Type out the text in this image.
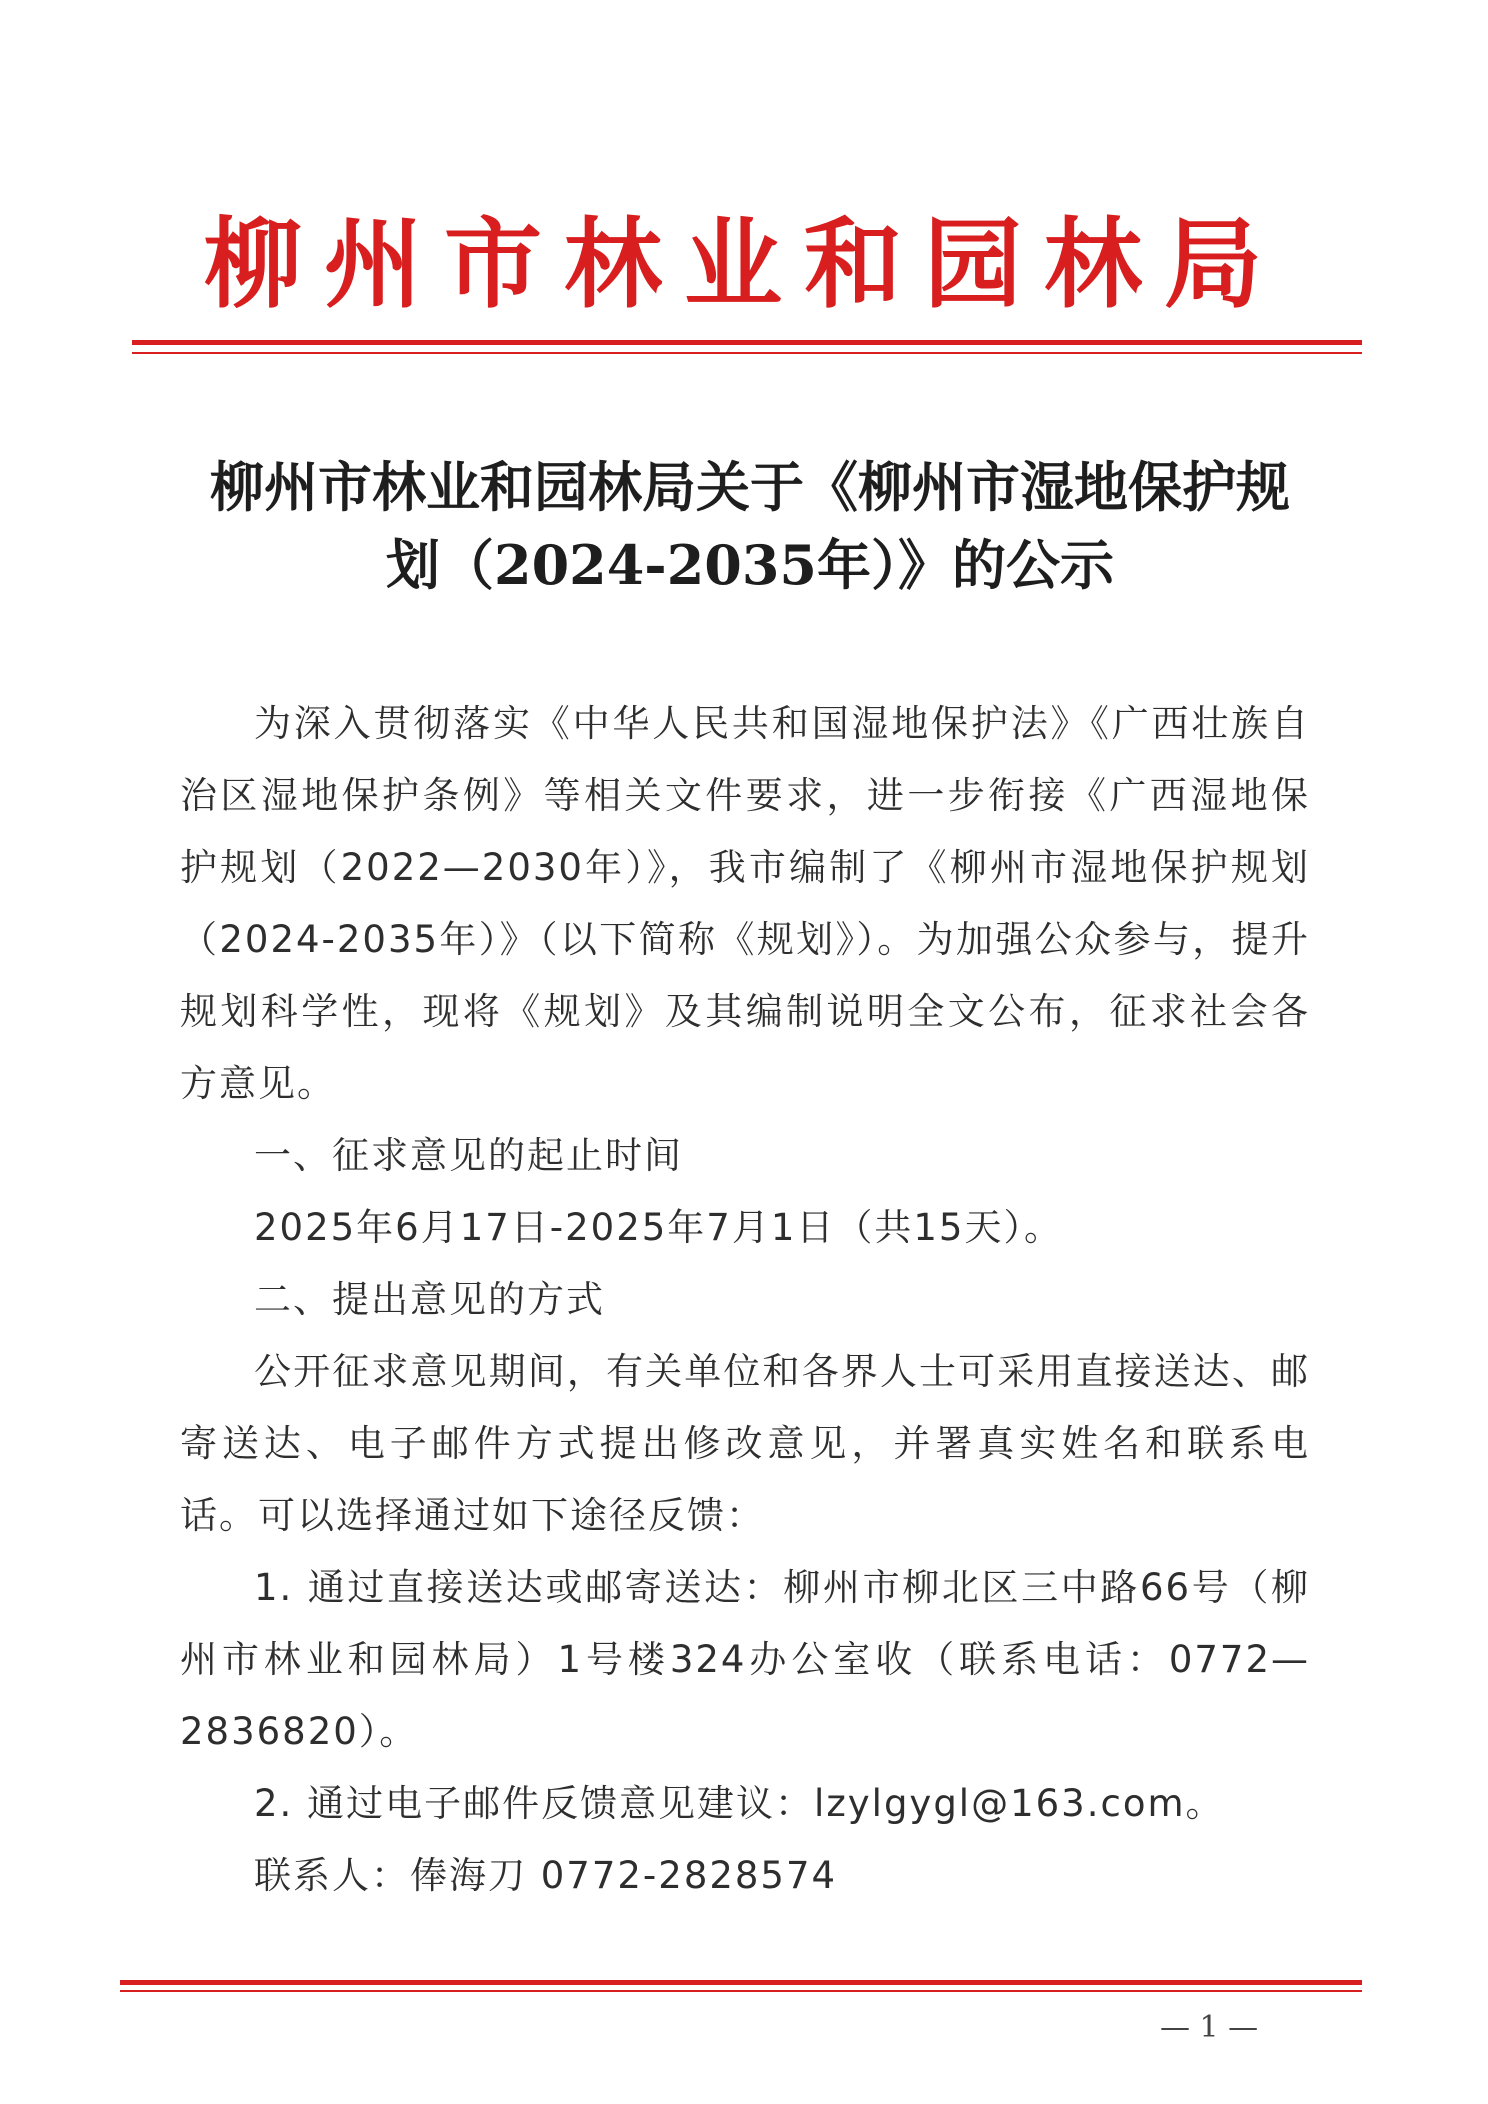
柳州市林业和园林局
柳州市林业和园林局关于《柳州市湿地保护规
划（2024-2035年）》的公示

为深入贯彻落实《中华人民共和国湿地保护法》《广西壮族自治区湿地保护条例》等相关文件要求，进一步衔接《广西湿地保护规划（2022—2030年）》，我市编制了《柳州市湿地保护规划（2024-2035年）》（以下简称《规划》）。为加强公众参与，提升规划科学性，现将《规划》及其编制说明全文公布，征求社会各方意见。

一、征求意见的起止时间

2025年6月17日-2025年7月1日（共15天）。

二、提出意见的方式

公开征求意见期间，有关单位和各界人士可采用直接送达、邮寄送达、电子邮件方式提出修改意见，并署真实姓名和联系电话。可以选择通过如下途径反馈：

1. 通过直接送达或邮寄送达：柳州市柳北区三中路66号（柳州市林业和园林局）1号楼324办公室收（联系电话：0772—2836820）。

2. 通过电子邮件反馈意见建议：lzylgygl@163.com。

联系人：俸海刀 0772-2828574

— 1 —
